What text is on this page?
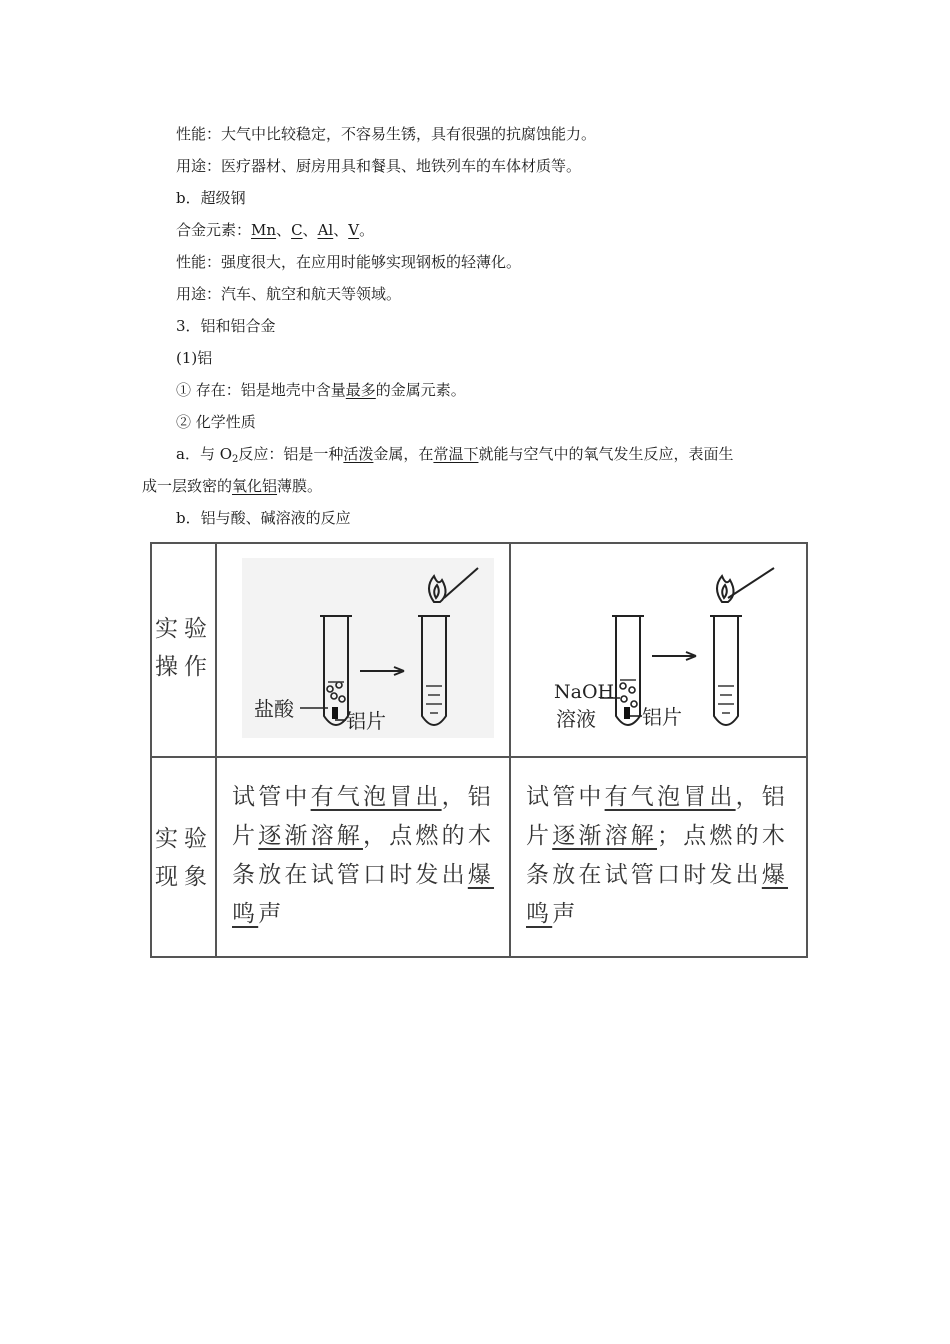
性能：大气中比较稳定，不容易生锈，具有很强的抗腐蚀能力。
用途：医疗器材、厨房用具和餐具、地铁列车的车体材质等。
b．超级钢
合金元素：Mn、C、Al、V。
性能：强度很大，在应用时能够实现钢板的轻薄化。
用途：汽车、航空和航天等领域。
3．铝和铝合金
(1)铝
① 存在：铝是地壳中含量最多的金属元素。
② 化学性质
a．与 $O_2$反应：铝是一种活泼金属，在常温下就能与空气中的氧气发生反应，表面生
成一层致密的氧化铝薄膜。
b．铝与酸、碱溶液的反应
实验
操作
实验
现象
盐酸	铝片
NaOH
溶液 铝片
试管中有气泡冒出，铝片逐渐溶解，点燃的木条放在试管口时发出爆鸣声
试管中有气泡冒出，铝片逐渐溶解；点燃的木条放在试管口时发出爆鸣声
